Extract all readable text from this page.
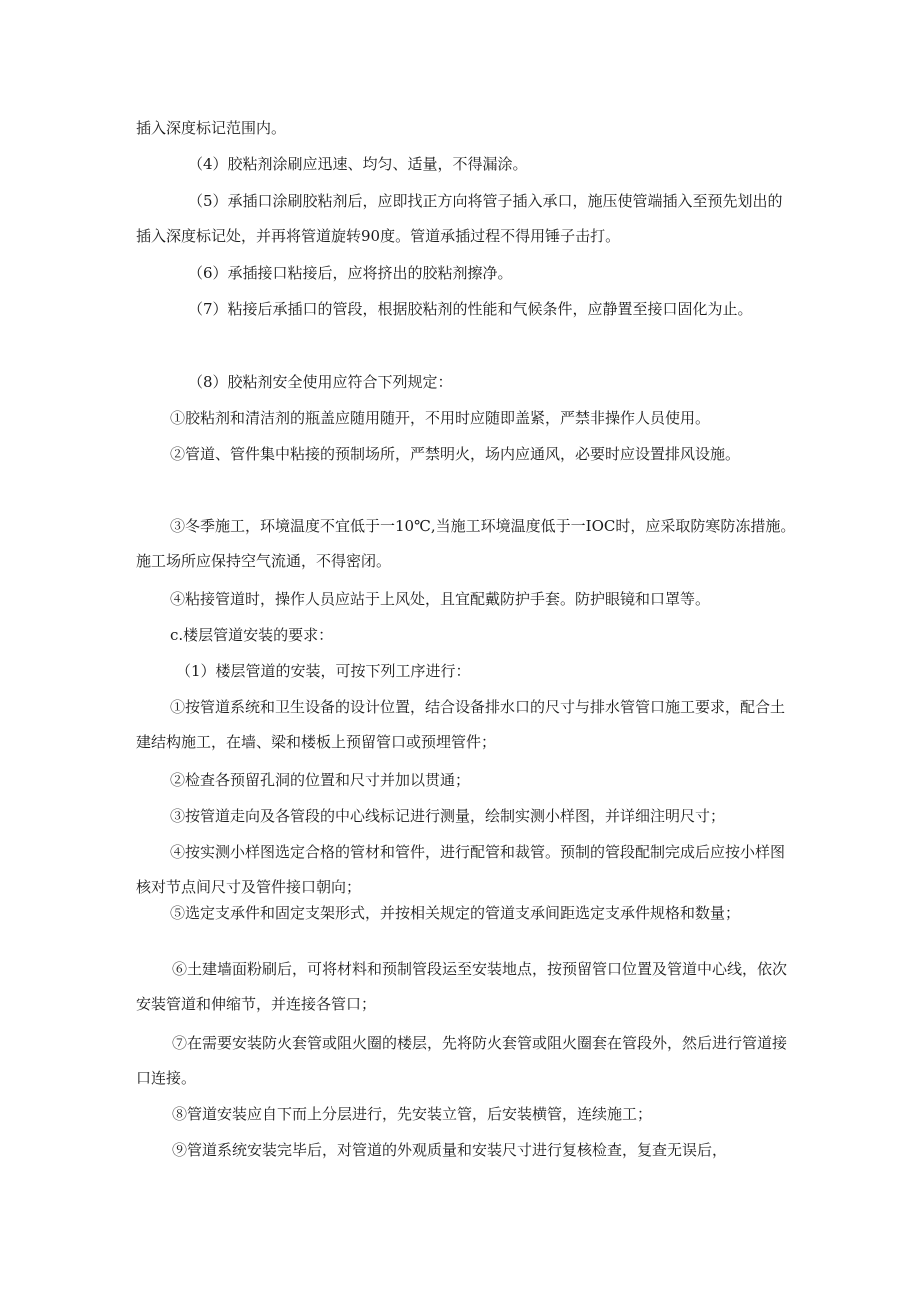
插入深度标记范围内。

（4）胶粘剂涂刷应迅速、均匀、适量，不得漏涂。

（5）承插口涂刷胶粘剂后，应即找正方向将管子插入承口，施压使管端插入至预先划出的插入深度标记处，并再将管道旋转90度。管道承插过程不得用锤子击打。

（6）承插接口粘接后，应将挤出的胶粘剂擦净。

（7）粘接后承插口的管段，根据胶粘剂的性能和气候条件，应静置至接口固化为止。

（8）胶粘剂安全使用应符合下列规定：

①胶粘剂和清洁剂的瓶盖应随用随开，不用时应随即盖紧，严禁非操作人员使用。

②管道、管件集中粘接的预制场所，严禁明火，场内应通风，必要时应设置排风设施。

③冬季施工，环境温度不宜低于一10℃,当施工环境温度低于一IOC时，应采取防寒防冻措施。施工场所应保持空气流通，不得密闭。

④粘接管道时，操作人员应站于上风处，且宜配戴防护手套。防护眼镜和口罩等。

c.楼层管道安装的要求：

（1）楼层管道的安装，可按下列工序进行：

①按管道系统和卫生设备的设计位置，结合设备排水口的尺寸与排水管管口施工要求，配合土建结构施工，在墙、梁和楼板上预留管口或预埋管件；

②检查各预留孔洞的位置和尺寸并加以贯通；

③按管道走向及各管段的中心线标记进行测量，绘制实测小样图，并详细注明尺寸；

④按实测小样图选定合格的管材和管件，进行配管和裁管。预制的管段配制完成后应按小样图核对节点间尺寸及管件接口朝向；

⑤选定支承件和固定支架形式，并按相关规定的管道支承间距选定支承件规格和数量；

⑥土建墙面粉刷后，可将材料和预制管段运至安装地点，按预留管口位置及管道中心线，依次安装管道和伸缩节，并连接各管口；

⑦在需要安装防火套管或阻火圈的楼层，先将防火套管或阻火圈套在管段外，然后进行管道接口连接。

⑧管道安装应自下而上分层进行，先安装立管，后安装横管，连续施工；

⑨管道系统安装完毕后，对管道的外观质量和安装尺寸进行复核检查，复查无误后，
